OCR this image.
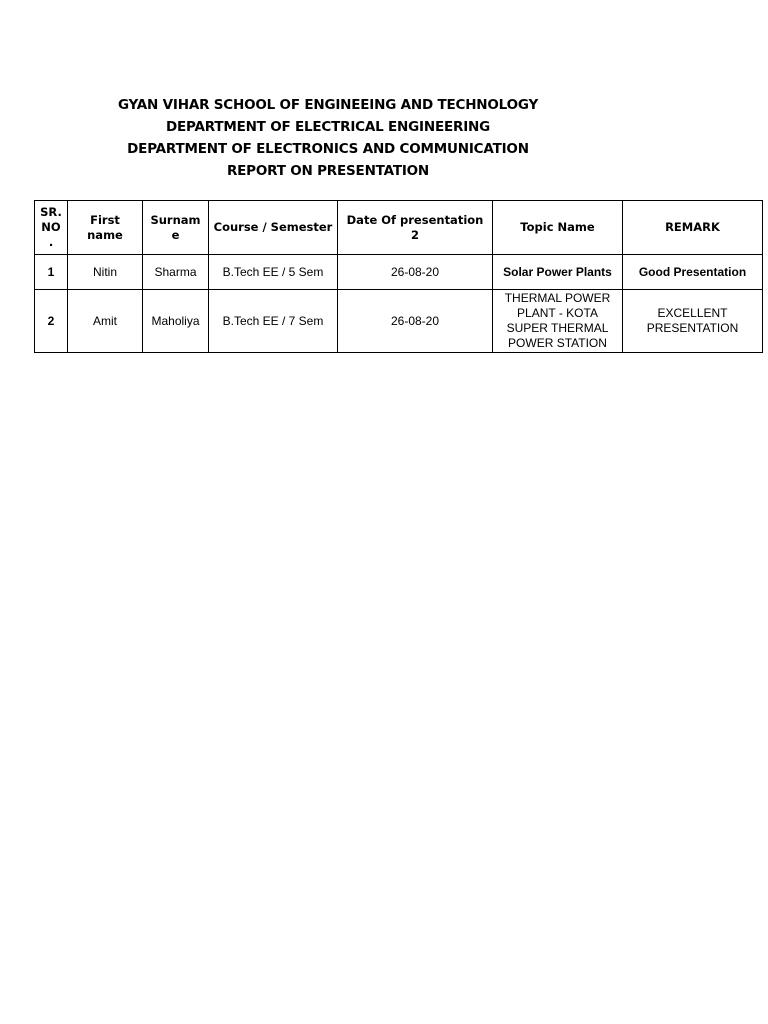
GYAN VIHAR SCHOOL OF ENGINEEING AND TECHNOLOGY
DEPARTMENT OF ELECTRICAL ENGINEERING
DEPARTMENT OF ELECTRONICS AND COMMUNICATION
REPORT ON PRESENTATION
SR. NO .	First name	Surnam e	Course / Semester	Date Of presentation 2	Topic Name	REMARK
1	Nitin	Sharma	B.Tech EE / 5 Sem	26-08-20	Solar Power Plants	Good Presentation
2	Amit	Maholiya	B.Tech EE / 7 Sem	26-08-20	THERMAL POWER PLANT - KOTA SUPER THERMAL POWER STATION	EXCELLENT PRESENTATION
